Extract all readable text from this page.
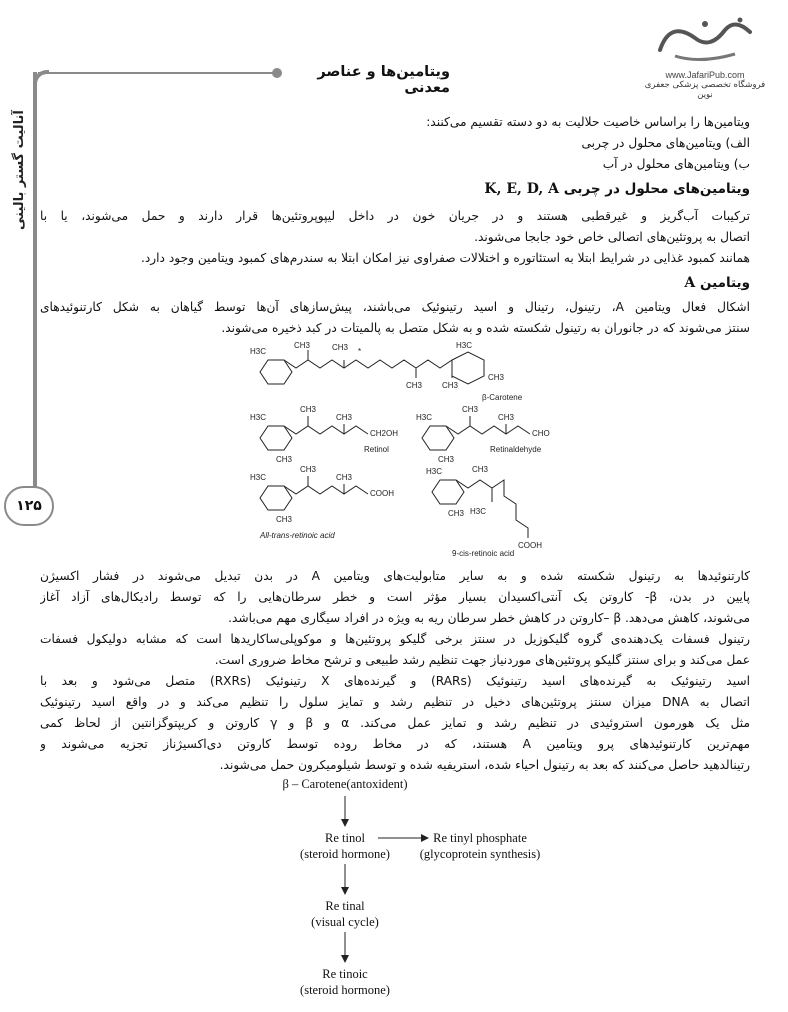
www.JafariPub.com
فروشگاه تخصصی پزشکی جعفری نوین
ویتامین‌ها و عناصر معدنی
آنالیت گستر بالینی
۱۲۵
ویتامین‌ها را براساس خاصیت حلالیت به دو دسته تقسیم می‌کنند:
الف) ویتامین‌های محلول در چربی
ب) ویتامین‌های محلول در آب
ویتامین‌های محلول در چربی K, E, D, A
ترکیبات آب‌گریز و غیرقطبی هستند و در جریان خون در داخل لیپوپروتئین‌ها قرار دارند و حمل می‌شوند، یا با
اتصال به پروتئین‌های اتصالی خاص خود جابجا می‌شوند.
همانند کمبود غذایی در شرایط ابتلا به استئاتوره و اختلالات صفراوی نیز امکان ابتلا به سندرم‌های کمبود ویتامین وجود دارد.
ویتامین A
اشکال فعال ویتامین A، رتینول، رتینال و اسید رتینوئیک می‌باشند، پیش‌سازهای آن‌ها توسط گیاهان به شکل کارتنوئیدهای
سنتز می‌شوند که در جانوران به رتینول شکسته شده و به شکل متصل به پالمیتات در کبد ذخیره می‌شوند.
H3C
CH3	CH3 *
CH3 CH3
H3C
CH3
β-Carotene
H3C
CH3
CH3
CH3
CH2OH
Retinol
H3C
CH3
CH3
CH3
CHO
Retinaldehyde
H3C
CH3
CH3
CH3
COOH
All-trans-retinoic acid
H3C
CH3
CH3
H3C
COOH
9-cis-retinoic acid
کارتنوئیدها به رتینول شکسته شده و به سایر متابولیت‌های ویتامین A در بدن تبدیل می‌شوند در فشار اکسیژن
پایین در بدن، β- کاروتن یک آنتی‌اکسیدان بسیار مؤثر است و خطر سرطان‌هایی را که توسط رادیکال‌های آزاد آغاز
می‌شوند، کاهش می‌دهد. β –کاروتن در کاهش خطر سرطان ریه به ویژه در افراد سیگاری مهم می‌باشد.
رتینول فسفات یک‌دهنده‌ی گروه گلیکوزیل در سنتز برخی گلیکو پروتئین‌ها و موکوپلی‌ساکاریدها است که مشابه دولیکول فسفات
عمل می‌کند و برای سنتز گلیکو پروتئین‌های موردنیاز جهت تنظیم رشد طبیعی و ترشح مخاط ضروری است.
اسید رتینوئیک به گیرنده‌های اسید رتینوئیک (RARs) و گیرنده‌های X رتینوئیک (RXRs) متصل می‌شود و بعد با
اتصال به DNA میزان سنتز پروتئین‌های دخیل در تنظیم رشد و تمایز سلول را تنظیم می‌کند و در واقع اسید رتینوئیک
مثل یک هورمون استروئیدی در تنظیم رشد و تمایز عمل می‌کند. α و β و γ کاروتن و کریپتوگزانتین از لحاظ کمی
مهم‌ترین کارتنوئیدهای پرو ویتامین A هستند، که در مخاط روده توسط کاروتن دی‌اکسیژناز تجزیه می‌شوند و
رتینالدهید حاصل می‌کنند که بعد به رتینول احیاء شده، استریفیه شده و توسط شیلومیکرون حمل می‌شوند.
β – Carotene(antoxident)
Re tinol
(steroid hormone)
Re tinyl phosphate
(glycoprotein synthesis)
Re tinal
(visual cycle)
Re tinoic
(steroid hormone)
